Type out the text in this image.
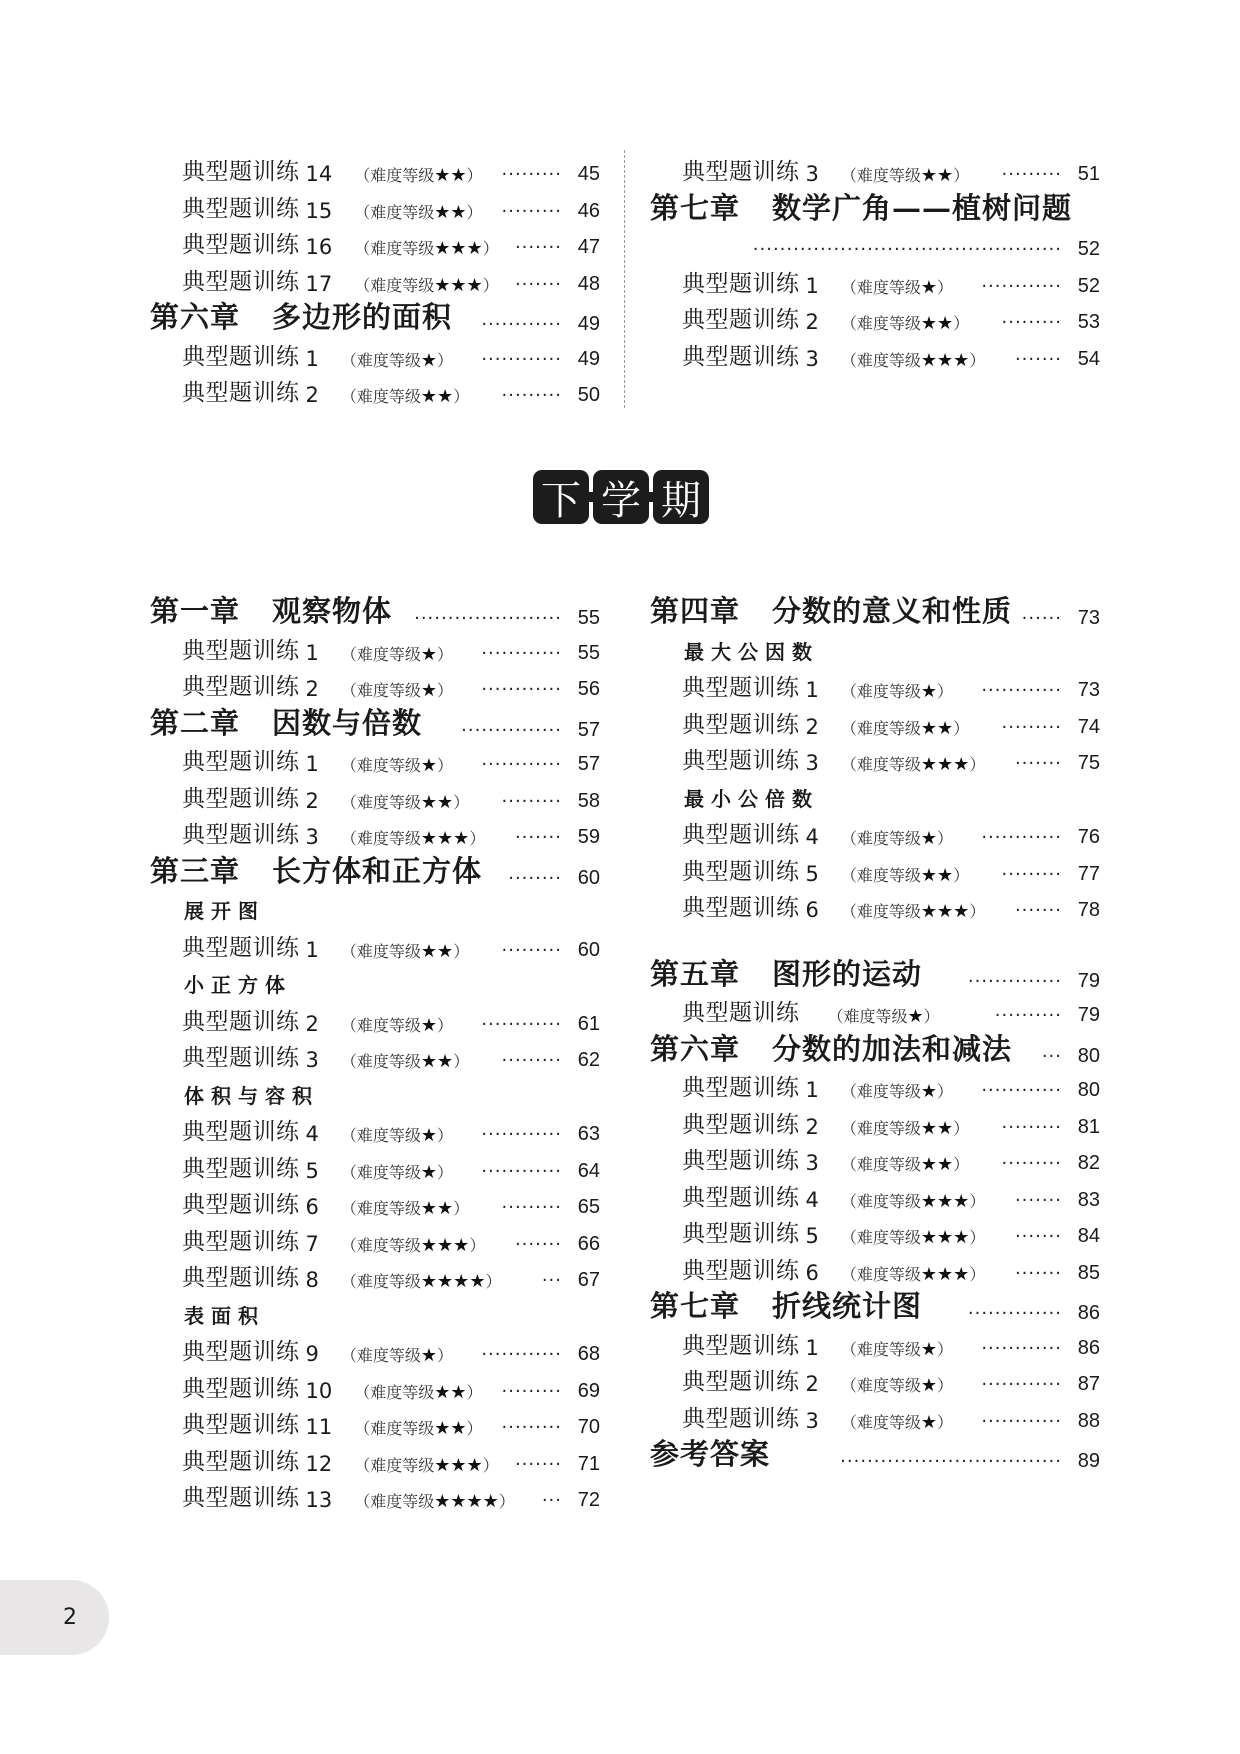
典型题训练 14 （难度等级★★）	········· 45
典型题训练 15 （难度等级★★）	········· 46
典型题训练 16 （难度等级★★★） ······· 47
典型题训练 17 （难度等级★★★） ······· 48
第六章 多边形的面积	············ 49
典型题训练 1 （难度等级★）	············ 49
典型题训练 2 （难度等级★★）	········· 50
典型题训练 3 （难度等级★★）	········· 51
第七章 数学广角——植树问题
·············································· 52
典型题训练 1 （难度等级★）	············ 52
典型题训练 2 （难度等级★★）	········· 53
典型题训练 3 （难度等级★★★）	······· 54
下 学 期
第一章 观察物体	······················ 55
典型题训练 1 （难度等级★）	············ 55
典型题训练 2 （难度等级★）	············ 56
第二章 因数与倍数	··············· 57
典型题训练 1 （难度等级★）	············ 57
典型题训练 2 （难度等级★★）	········· 58
典型题训练 3 （难度等级★★★）	······· 59
第三章 长方体和正方体	········ 60
展开图
典型题训练 1 （难度等级★★）	········· 60
小正方体
典型题训练 2 （难度等级★）	············ 61
典型题训练 3 （难度等级★★）	········· 62
体积与容积
典型题训练 4 （难度等级★）	············ 63
典型题训练 5 （难度等级★）	············ 64
典型题训练 6 （难度等级★★）	········· 65
典型题训练 7 （难度等级★★★）	······· 66
典型题训练 8 （难度等级★★★★）	··· 67
表面积
典型题训练 9 （难度等级★）	············ 68
典型题训练 10 （难度等级★★）	········· 69
典型题训练 11 （难度等级★★）	········· 70
典型题训练 12 （难度等级★★★） ······· 71
典型题训练 13 （难度等级★★★★）	··· 72
第四章 分数的意义和性质 ······ 73
最大公因数
典型题训练 1 （难度等级★）	············ 73
典型题训练 2 （难度等级★★）	········· 74
典型题训练 3 （难度等级★★★）	······· 75
最小公倍数
典型题训练 4 （难度等级★）	············ 76
典型题训练 5 （难度等级★★）	········· 77
典型题训练 6 （难度等级★★★）	······· 78
第五章 图形的运动	·············· 79
典型题训练 （难度等级★）	·········· 79
第六章 分数的加法和减法	··· 80
典型题训练 1 （难度等级★）	············ 80
典型题训练 2 （难度等级★★）	········· 81
典型题训练 3 （难度等级★★）	········· 82
典型题训练 4 （难度等级★★★）	······· 83
典型题训练 5 （难度等级★★★）	······· 84
典型题训练 6 （难度等级★★★）	······· 85
第七章 折线统计图	·············· 86
典型题训练 1 （难度等级★）	············ 86
典型题训练 2 （难度等级★）	············ 87
典型题训练 3 （难度等级★）	············ 88
参考答案	································· 89
2
